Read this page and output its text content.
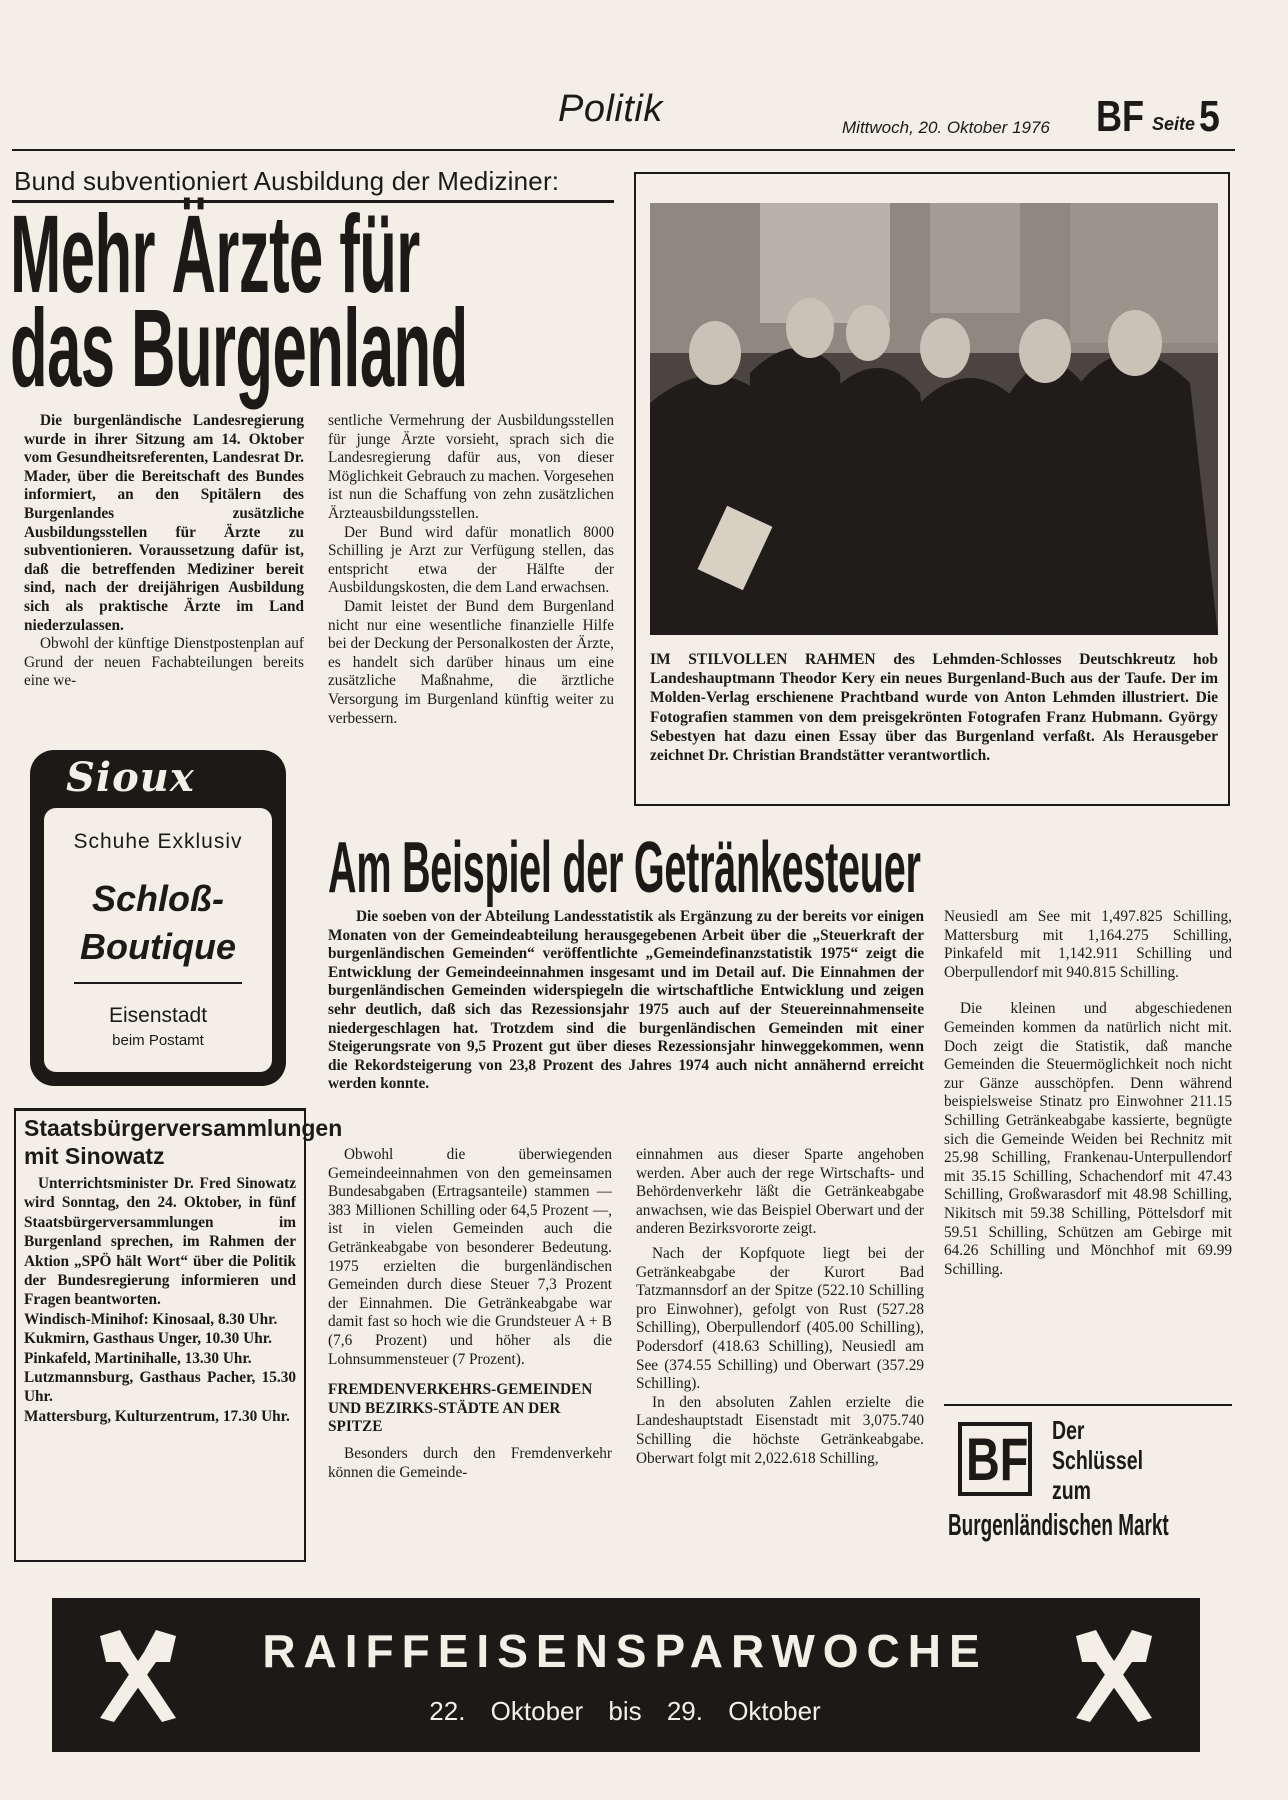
Politik	Mittwoch, 20. Oktober 1976 BF Seite 5
Bund subventioniert Ausbildung der Mediziner:
Mehr Ärzte für
das Burgenland

Die burgenländische Landesregierung wurde in ihrer Sitzung am 14. Oktober vom Gesundheitsreferenten, Landesrat Dr. Mader, über die Bereitschaft des Bundes informiert, an den Spitälern des Burgenlandes zusätzliche Ausbildungsstellen für Ärzte zu subventionieren. Voraussetzung dafür ist, daß die betreffenden Mediziner bereit sind, nach der dreijährigen Ausbildung sich als praktische Ärzte im Land niederzulassen.

Obwohl der künftige Dienstpostenplan auf Grund der neuen Fachabteilungen bereits eine we-

sentliche Vermehrung der Ausbildungsstellen für junge Ärzte vorsieht, sprach sich die Landesregierung dafür aus, von dieser Möglichkeit Gebrauch zu machen. Vorgesehen ist nun die Schaffung von zehn zusätzlichen Ärzteausbildungsstellen.

Der Bund wird dafür monatlich 8000 Schilling je Arzt zur Verfügung stellen, das entspricht etwa der Hälfte der Ausbildungskosten, die dem Land erwachsen.

Damit leistet der Bund dem Burgenland nicht nur eine wesentliche finanzielle Hilfe bei der Deckung der Personalkosten der Ärzte, es handelt sich darüber hinaus um eine zusätzliche Maßnahme, die ärztliche Versorgung im Burgenland künftig weiter zu verbessern.

IM STILVOLLEN RAHMEN des Lehmden-Schlosses Deutschkreutz hob Landeshauptmann Theodor Kery ein neues Burgenland-Buch aus der Taufe. Der im Molden-Verlag erschienene Prachtband wurde von Anton Lehmden illustriert. Die Fotografien stammen von dem preisgekrönten Fotografen Franz Hubmann. György Sebestyen hat dazu einen Essay über das Burgenland verfaßt. Als Herausgeber zeichnet Dr. Christian Brandstätter verantwortlich.
Sioux
Schuhe Exklusiv
Schloß-
Boutique
Eisenstadt
beim Postamt
Staatsbürgerversammlungen mit Sinowatz

Unterrichtsminister Dr. Fred Sinowatz wird Sonntag, den 24. Oktober, in fünf Staatsbürgerversammlungen im Burgenland sprechen, im Rahmen der Aktion „SPÖ hält Wort“ über die Politik der Bundesregierung informieren und Fragen beantworten.

Windisch-Minihof: Kinosaal, 8.30 Uhr.

Kukmirn, Gasthaus Unger, 10.30 Uhr.

Pinkafeld, Martinihalle, 13.30 Uhr.

Lutzmannsburg, Gasthaus Pacher, 15.30 Uhr.

Mattersburg, Kulturzentrum, 17.30 Uhr.

Am Beispiel der Getränkesteuer
Die soeben von der Abteilung Landesstatistik als Ergänzung zu der bereits vor einigen Monaten von der Gemeindeabteilung herausgegebenen Arbeit über die „Steuerkraft der burgenländischen Gemeinden“ veröffentlichte „Gemeindefinanzstatistik 1975“ zeigt die Entwicklung der Gemeindeeinnahmen insgesamt und im Detail auf. Die Einnahmen der burgenländischen Gemeinden widerspiegeln die wirtschaftliche Entwicklung und zeigen sehr deutlich, daß sich das Rezessionsjahr 1975 auch auf der Steuereinnahmenseite niedergeschlagen hat. Trotzdem sind die burgenländischen Gemeinden mit einer Steigerungsrate von 9,5 Prozent gut über dieses Rezessionsjahr hinweggekommen, wenn die Rekordsteigerung von 23,8 Prozent des Jahres 1974 auch nicht annähernd erreicht werden konnte.

Obwohl die überwiegenden Gemeindeeinnahmen von den gemeinsamen Bundesabgaben (Ertragsanteile) stammen — 383 Millionen Schilling oder 64,5 Prozent —, ist in vielen Gemeinden auch die Getränkeabgabe von besonderer Bedeutung. 1975 erzielten die burgenländischen Gemeinden durch diese Steuer 7,3 Prozent der Einnahmen. Die Getränkeabgabe war damit fast so hoch wie die Grundsteuer A + B (7,6 Prozent) und höher als die Lohnsummensteuer (7 Prozent).

FREMDENVERKEHRS-GEMEINDEN UND BEZIRKS-STÄDTE AN DER SPITZE

Besonders durch den Fremdenverkehr können die Gemeinde-

einnahmen aus dieser Sparte angehoben werden. Aber auch der rege Wirtschafts- und Behördenverkehr läßt die Getränkeabgabe anwachsen, wie das Beispiel Oberwart und der anderen Bezirksvororte zeigt.

Nach der Kopfquote liegt bei der Getränkeabgabe der Kurort Bad Tatzmannsdorf an der Spitze (522.10 Schilling pro Einwohner), gefolgt von Rust (527.28 Schilling), Oberpullendorf (405.00 Schilling), Podersdorf (418.63 Schilling), Neusiedl am See (374.55 Schilling) und Oberwart (357.29 Schilling).

In den absoluten Zahlen erzielte die Landeshauptstadt Eisenstadt mit 3,075.740 Schilling die höchste Getränkeabgabe. Oberwart folgt mit 2,022.618 Schilling,

Neusiedl am See mit 1,497.825 Schilling, Mattersburg mit 1,164.275 Schilling, Pinkafeld mit 1,142.911 Schilling und Oberpullendorf mit 940.815 Schilling.

Die kleinen und abgeschiedenen Gemeinden kommen da natürlich nicht mit. Doch zeigt die Statistik, daß manche Gemeinden die Steuermöglichkeit noch nicht zur Gänze ausschöpfen. Denn während beispielsweise Stinatz pro Einwohner 211.15 Schilling Getränkeabgabe kassierte, begnügte sich die Gemeinde Weiden bei Rechnitz mit 25.98 Schilling, Frankenau-Unterpullendorf mit 35.15 Schilling, Schachendorf mit 47.43 Schilling, Großwarasdorf mit 48.98 Schilling, Nikitsch mit 59.38 Schilling, Pöttelsdorf mit 59.51 Schilling, Schützen am Gebirge mit 64.26 Schilling und Mönchhof mit 69.99 Schilling.

BF Der
Schlüssel
zum
Burgenländischen Markt
RAIFFEISENSPARWOCHE
22. Oktober bis 29. Oktober
